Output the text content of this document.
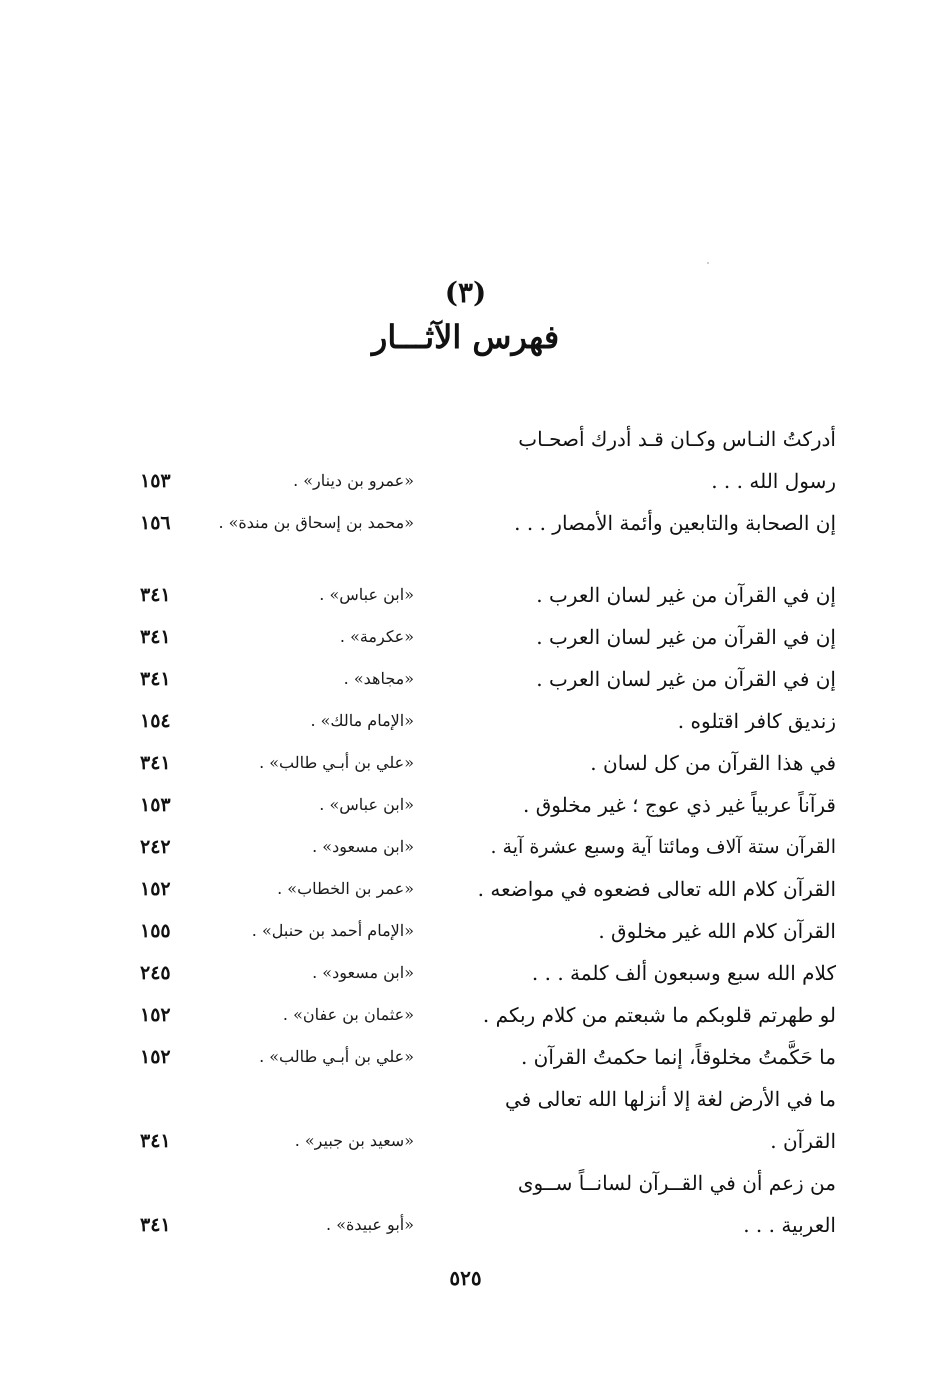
(٣)
فهرس الآثـــار
أدركتُ النـاس وكـان قـد أدرك أصحـاب
رسول الله . . .
«عمرو بن دينار» .
١٥٣
إن الصحابة والتابعين وأئمة الأمصار . . .
«محمد بن إسحاق بن مندة» .
١٥٦
إن في القرآن من غير لسان العرب .
«ابن عباس» .
٣٤١
إن في القرآن من غير لسان العرب .
«عكرمة» .
٣٤١
إن في القرآن من غير لسان العرب .
«مجاهد» .
٣٤١
زنديق كافر اقتلوه .
«الإمام مالك» .
١٥٤
في هذا القرآن من كل لسان .
«علي بن أبـي طالب» .
٣٤١
قرآناً عربياً غير ذي عوج ؛ غير مخلوق .
«ابن عباس» .
١٥٣
القرآن ستة آلاف ومائتا آية وسبع عشرة آية .
«ابن مسعود» .
٢٤٢
القرآن كلام الله تعالى فضعوه في مواضعه .
«عمر بن الخطاب» .
١٥٢
القرآن كلام الله غير مخلوق .
«الإمام أحمد بن حنبل» .
١٥٥
كلام الله سبع وسبعون ألف كلمة . . .
«ابن مسعود» .
٢٤٥
لو طهرتم قلوبكم ما شبعتم من كلام ربكم .
«عثمان بن عفان» .
١٥٢
ما حَكَّمتُ مخلوقاً، إنما حكمتُ القرآن .
«علي بن أبـي طالب» .
١٥٢
ما في الأرض لغة إلا أنزلها الله تعالى في
القرآن .
«سعيد بن جبير» .
٣٤١
من زعم أن في القــرآن لسانــاً ســوى
العربية . . .
«أبو عبيدة» .
٣٤١
٥٢٥
